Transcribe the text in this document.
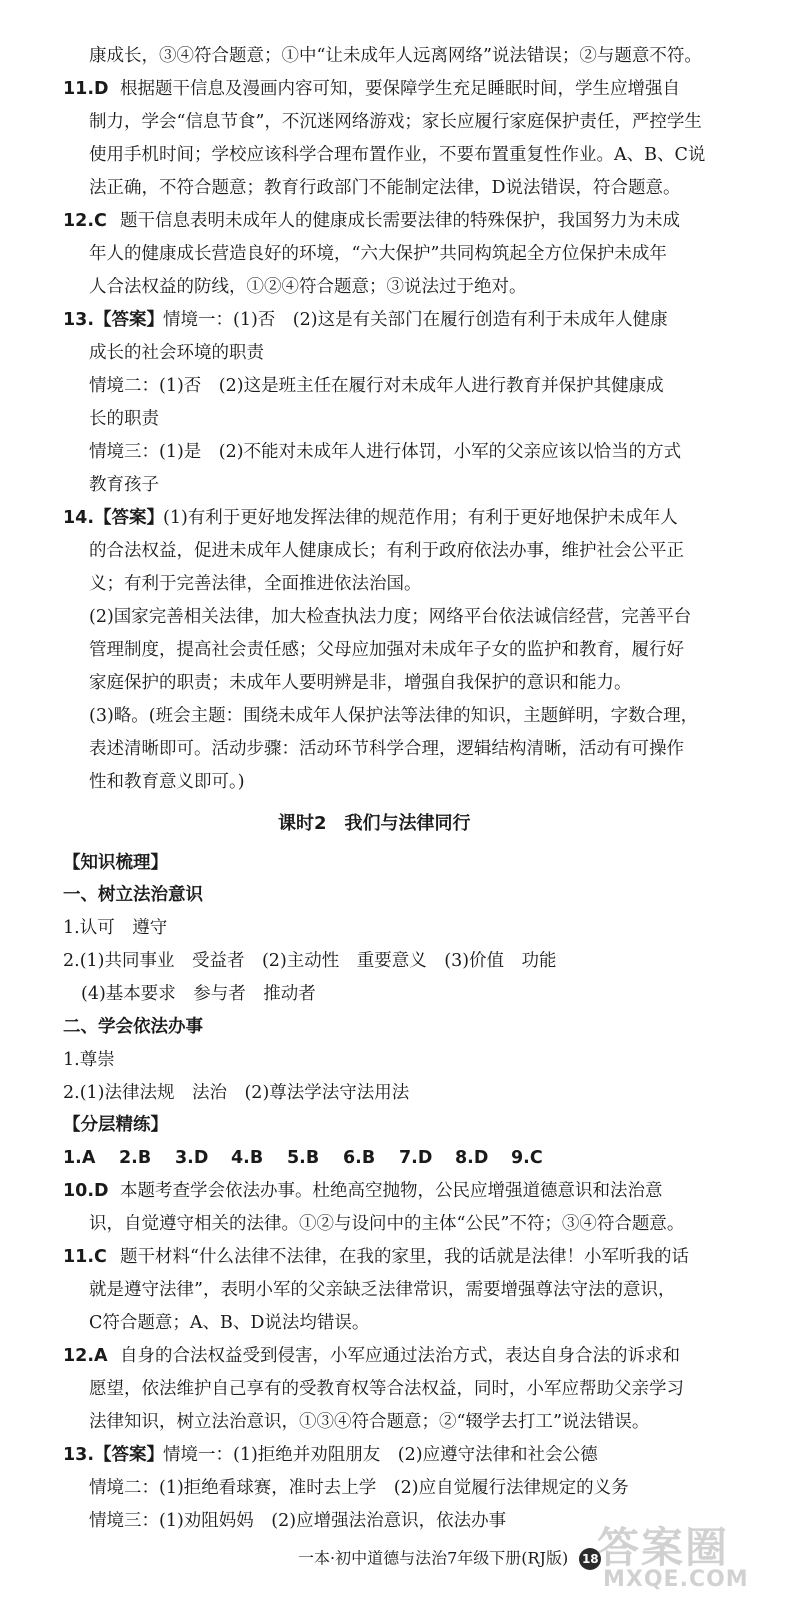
康成长，③④符合题意；①中“让未成年人远离网络”说法错误；②与题意不符。
11.D 根据题干信息及漫画内容可知，要保障学生充足睡眠时间，学生应增强自
制力，学会“信息节食”，不沉迷网络游戏；家长应履行家庭保护责任，严控学生
使用手机时间；学校应该科学合理布置作业，不要布置重复性作业。A、B、C说
法正确，不符合题意；教育行政部门不能制定法律，D说法错误，符合题意。
12.C 题干信息表明未成年人的健康成长需要法律的特殊保护，我国努力为未成
年人的健康成长营造良好的环境，“六大保护”共同构筑起全方位保护未成年
人合法权益的防线，①②④符合题意；③说法过于绝对。
13.【答案】
情境一：(1)否　(2)这是有关部门在履行创造有利于未成年人健康
成长的社会环境的职责
情境二：(1)否　(2)这是班主任在履行对未成年人进行教育并保护其健康成
长的职责
情境三：(1)是　(2)不能对未成年人进行体罚，小军的父亲应该以恰当的方式
教育孩子
14.【答案】
(1)有利于更好地发挥法律的规范作用；有利于更好地保护未成年人
的合法权益，促进未成年人健康成长；有利于政府依法办事，维护社会公平正
义；有利于完善法律，全面推进依法治国。
(2)国家完善相关法律，加大检查执法力度；网络平台依法诚信经营，完善平台
管理制度，提高社会责任感；父母应加强对未成年子女的监护和教育，履行好
家庭保护的职责；未成年人要明辨是非，增强自我保护的意识和能力。
(3)略。(班会主题：围绕未成年人保护法等法律的知识，主题鲜明，字数合理，
表述清晰即可。活动步骤：活动环节科学合理，逻辑结构清晰，活动有可操作
性和教育意义即可。)
课时2　我们与法律同行
【知识梳理】
一、树立法治意识
1.认可　遵守
2.(1)共同事业　受益者　(2)主动性　重要意义　(3)价值　功能
(4)基本要求　参与者　推动者
二、学会依法办事
1.尊崇
2.(1)法律法规　法治　(2)尊法学法守法用法
【分层精练】
1.A 2.B 3.D 4.B 5.B 6.B 7.D 8.D 9.C
10.D 本题考查学会依法办事。杜绝高空抛物，公民应增强道德意识和法治意
识，自觉遵守相关的法律。①②与设问中的主体“公民”不符；③④符合题意。
11.C 题干材料“什么法律不法律，在我的家里，我的话就是法律！小军听我的话
就是遵守法律”，表明小军的父亲缺乏法律常识，需要增强尊法守法的意识，
C符合题意；A、B、D说法均错误。
12.A 自身的合法权益受到侵害，小军应通过法治方式，表达自身合法的诉求和
愿望，依法维护自己享有的受教育权等合法权益，同时，小军应帮助父亲学习
法律知识，树立法治意识，①③④符合题意；②“辍学去打工”说法错误。
13.【答案】
情境一：(1)拒绝并劝阻朋友　(2)应遵守法律和社会公德
情境二：(1)拒绝看球赛，准时去上学　(2)应自觉履行法律规定的义务
情境三：(1)劝阻妈妈　(2)应增强法治意识，依法办事
一本·初中道德与法治7年级下册(RJ版) 18
答案圈
MXQE.COM
